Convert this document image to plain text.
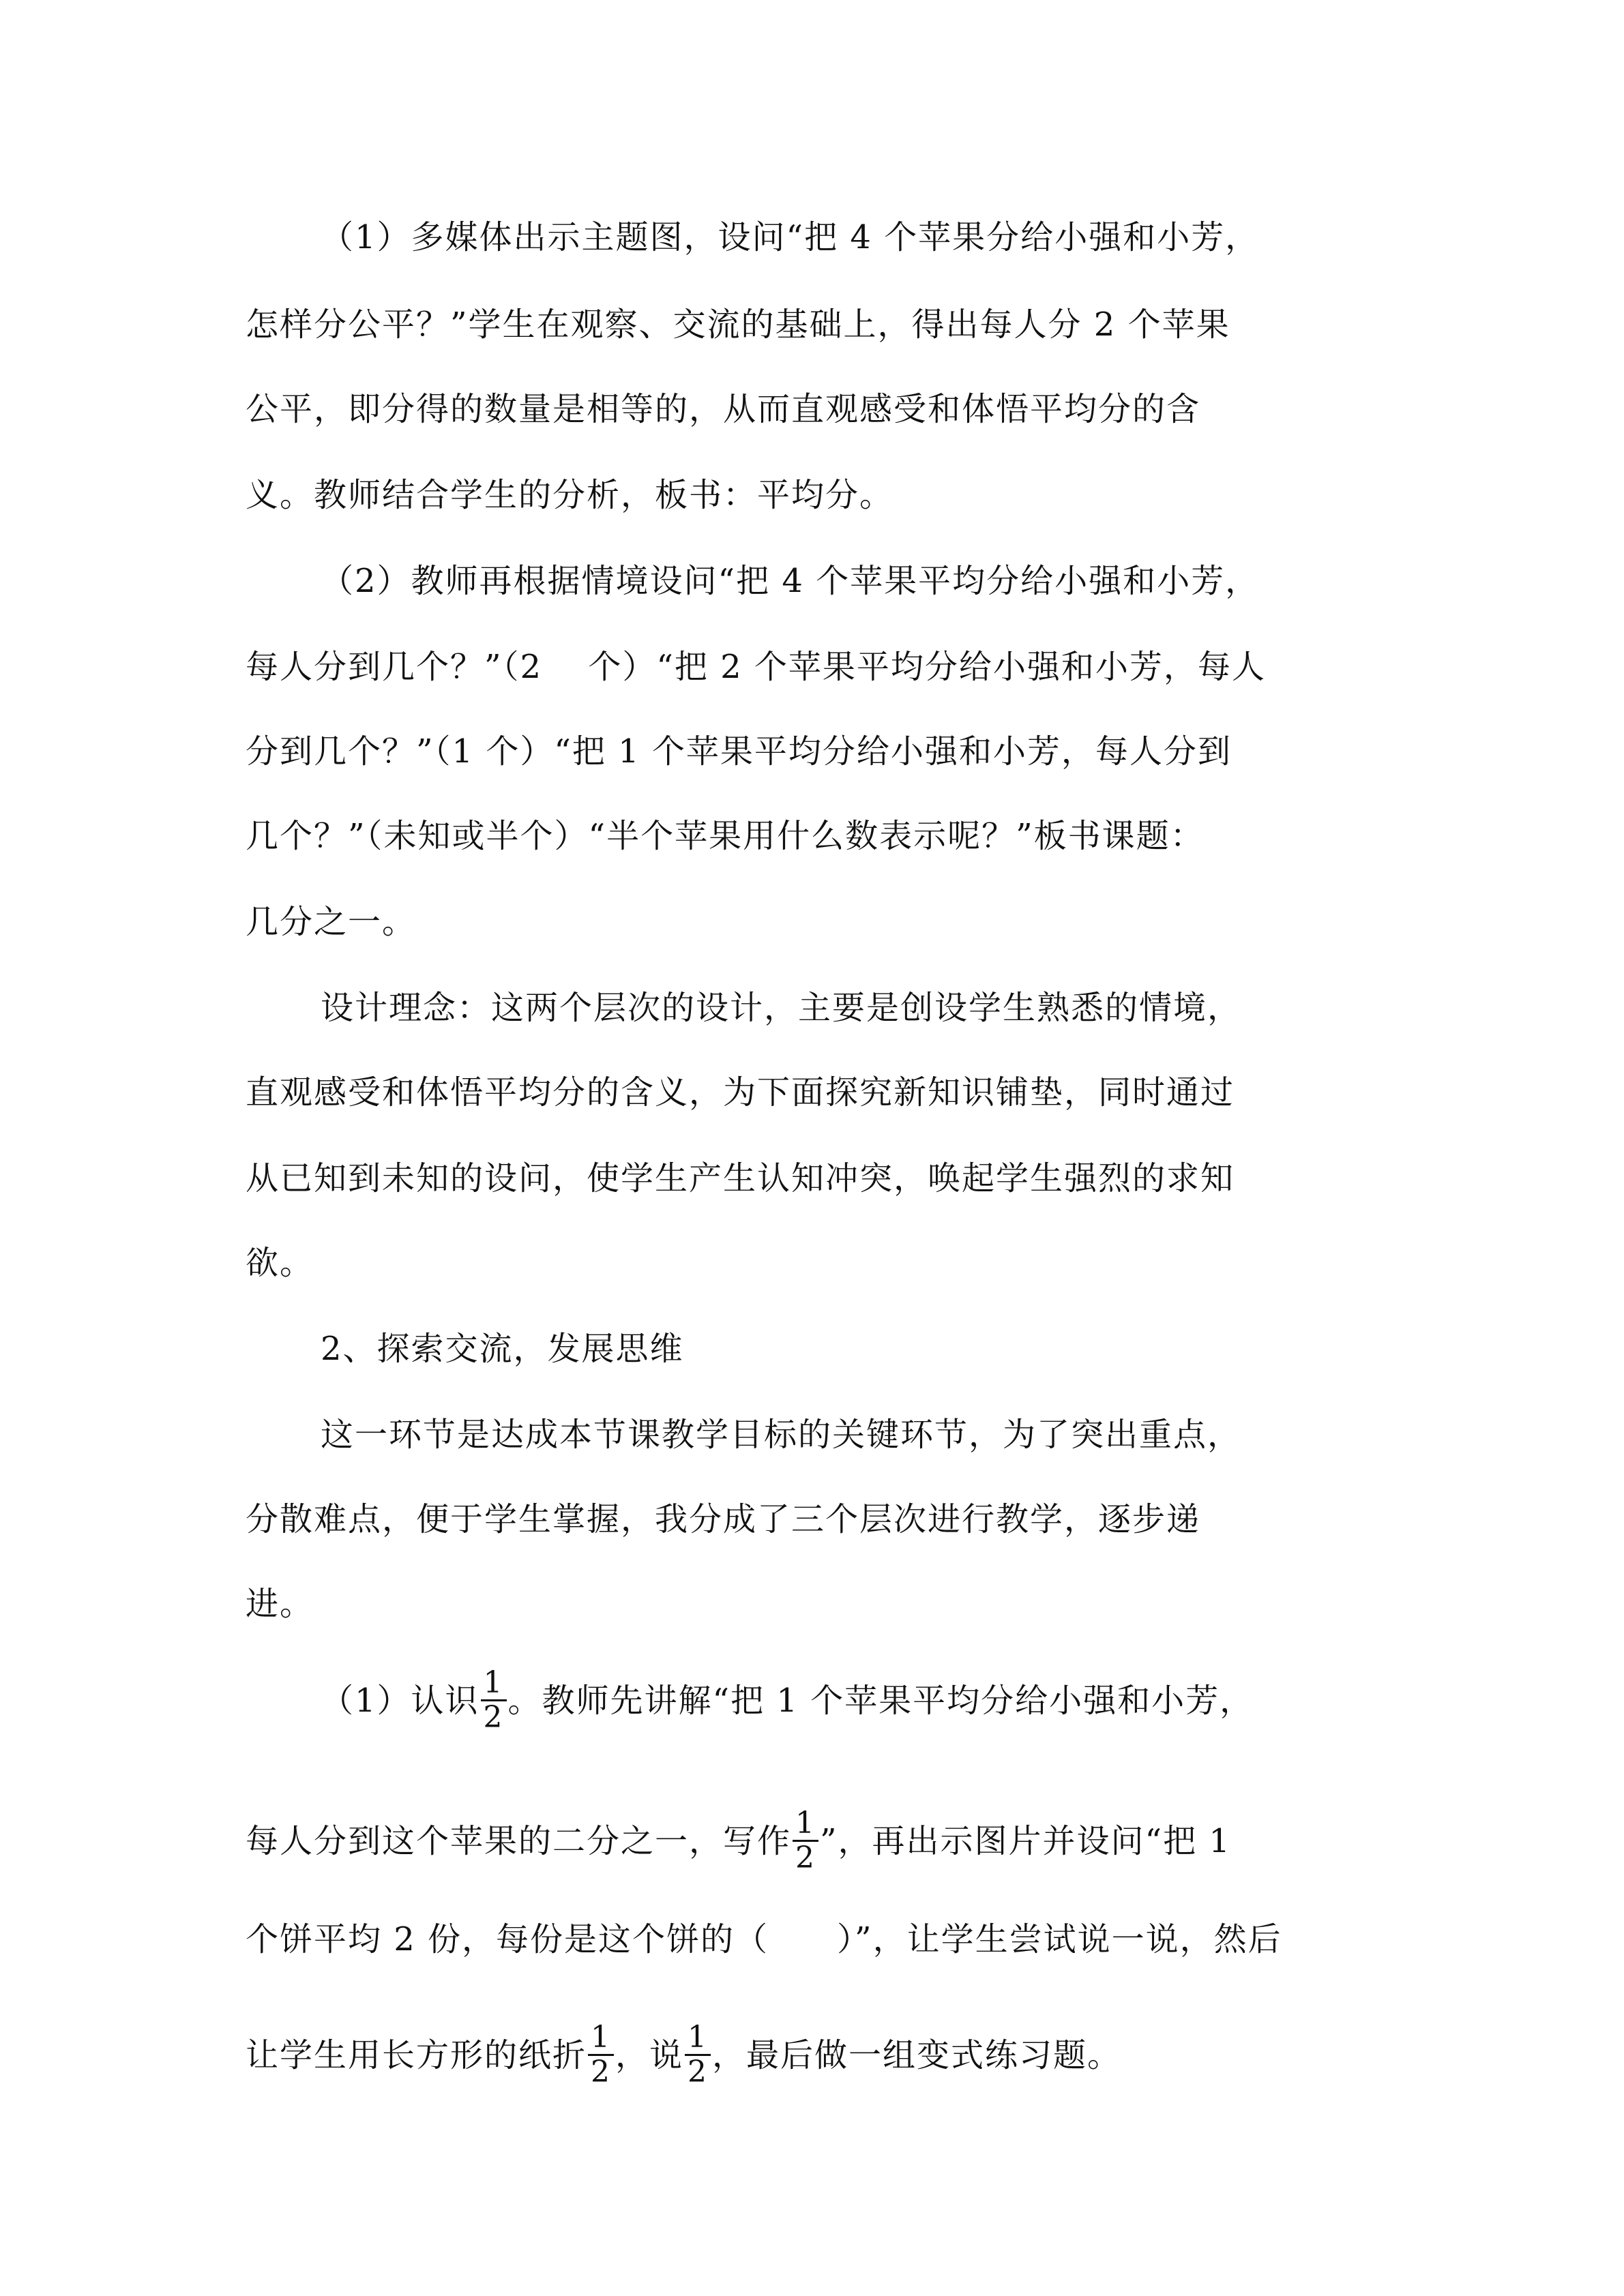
（1）多媒体出示主题图，设问“把 4 个苹果分给小强和小芳，
怎样分公平？”学生在观察、交流的基础上，得出每人分 2 个苹果
公平，即分得的数量是相等的，从而直观感受和体悟平均分的含
义。教师结合学生的分析，板书：平均分。
（2）教师再根据情境设问“把 4 个苹果平均分给小强和小芳，
每人分到几个？”（2　 个）“把 2 个苹果平均分给小强和小芳，每人
分到几个？”（1 个）“把 1 个苹果平均分给小强和小芳，每人分到
几个？”（未知或半个）“半个苹果用什么数表示呢？”板书课题：
几分之一。
设计理念：这两个层次的设计，主要是创设学生熟悉的情境，
直观感受和体悟平均分的含义，为下面探究新知识铺垫，同时通过
从已知到未知的设问，使学生产生认知冲突，唤起学生强烈的求知
欲。
2、探索交流，发展思维
这一环节是达成本节课教学目标的关键环节，为了突出重点，
分散难点，便于学生掌握，我分成了三个层次进行教学，逐步递
进。
（1）认识 $\frac{1}{2}$ 。教师先讲解“把 1 个苹果平均分给小强和小芳，
每人分到这个苹果的二分之一，写作 $\frac{1}{2}$ ”，再出示图片并设问“把 1
个饼平均 2 份，每份是这个饼的（　　）”，让学生尝试说一说，然后
让学生用长方形的纸折 $\frac{1}{2}$ ，说 $\frac{1}{2}$ ，最后做一组变式练习题。
